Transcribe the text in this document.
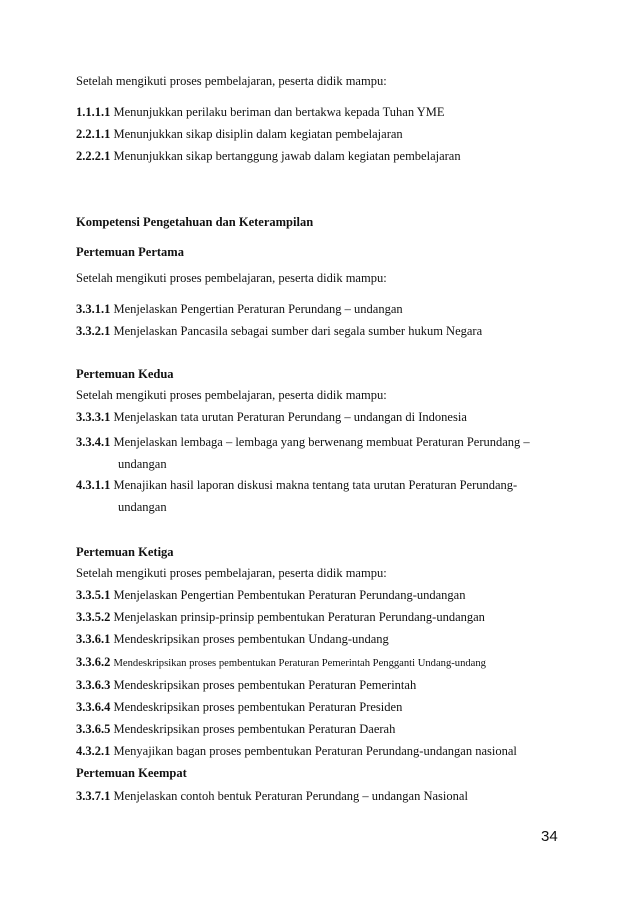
Setelah mengikuti proses pembelajaran, peserta didik mampu:
1.1.1.1 Menunjukkan perilaku beriman dan bertakwa kepada Tuhan YME
2.2.1.1 Menunjukkan sikap disiplin dalam kegiatan pembelajaran
2.2.2.1 Menunjukkan sikap bertanggung jawab dalam kegiatan pembelajaran
Kompetensi Pengetahuan dan Keterampilan
Pertemuan Pertama
Setelah mengikuti proses pembelajaran, peserta didik mampu:
3.3.1.1 Menjelaskan Pengertian Peraturan Perundang – undangan
3.3.2.1 Menjelaskan Pancasila sebagai sumber dari segala sumber hukum Negara
Pertemuan Kedua
Setelah mengikuti proses pembelajaran, peserta didik mampu:
3.3.3.1 Menjelaskan tata urutan Peraturan Perundang – undangan di Indonesia
3.3.4.1 Menjelaskan lembaga – lembaga yang berwenang membuat Peraturan Perundang –
undangan
4.3.1.1 Menajikan hasil laporan diskusi makna tentang tata urutan Peraturan Perundang-
undangan
Pertemuan Ketiga
Setelah mengikuti proses pembelajaran, peserta didik mampu:
3.3.5.1 Menjelaskan Pengertian Pembentukan Peraturan Perundang-undangan
3.3.5.2 Menjelaskan prinsip-prinsip pembentukan Peraturan Perundang-undangan
3.3.6.1 Mendeskripsikan proses pembentukan Undang-undang
3.3.6.2 Mendeskripsikan proses pembentukan Peraturan Pemerintah Pengganti Undang-undang
3.3.6.3 Mendeskripsikan proses pembentukan Peraturan Pemerintah
3.3.6.4 Mendeskripsikan proses pembentukan Peraturan Presiden
3.3.6.5 Mendeskripsikan proses pembentukan Peraturan Daerah
4.3.2.1 Menyajikan bagan proses pembentukan Peraturan Perundang-undangan nasional
Pertemuan Keempat
3.3.7.1 Menjelaskan contoh bentuk Peraturan Perundang – undangan Nasional
34
